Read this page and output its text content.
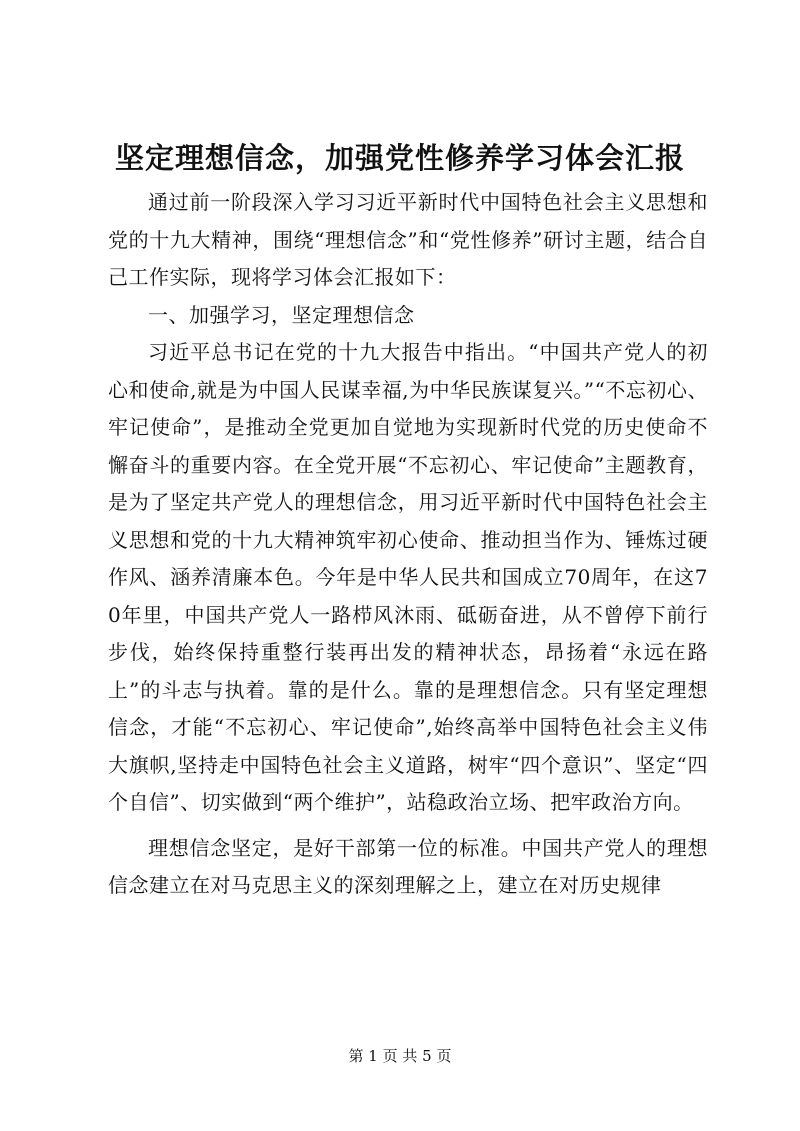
坚定理想信念，加强党性修养学习体会汇报

通过前一阶段深入学习习近平新时代中国特色社会主义思想和党的十九大精神，围绕“理想信念”和“党性修养”研讨主题，结合自己工作实际，现将学习体会汇报如下：

一、加强学习，坚定理想信念

习近平总书记在党的十九大报告中指出。“中国共产党人的初心和使命,就是为中国人民谋幸福,为中华民族谋复兴。”“不忘初心、牢记使命”，是推动全党更加自觉地为实现新时代党的历史使命不懈奋斗的重要内容。在全党开展“不忘初心、牢记使命”主题教育，是为了坚定共产党人的理想信念，用习近平新时代中国特色社会主义思想和党的十九大精神筑牢初心使命、推动担当作为、锤炼过硬作风、涵养清廉本色。今年是中华人民共和国成立70周年，在这70年里，中国共产党人一路栉风沐雨、砥砺奋进，从不曾停下前行步伐，始终保持重整行装再出发的精神状态，昂扬着“永远在路上”的斗志与执着。靠的是什么。靠的是理想信念。只有坚定理想信念，才能“不忘初心、牢记使命”,始终高举中国特色社会主义伟大旗帜,坚持走中国特色社会主义道路，树牢“四个意识”、坚定“四个自信”、切实做到“两个维护”，站稳政治立场、把牢政治方向。

理想信念坚定，是好干部第一位的标准。中国共产党人的理想信念建立在对马克思主义的深刻理解之上，建立在对历史规律

第 1 页 共 5 页
